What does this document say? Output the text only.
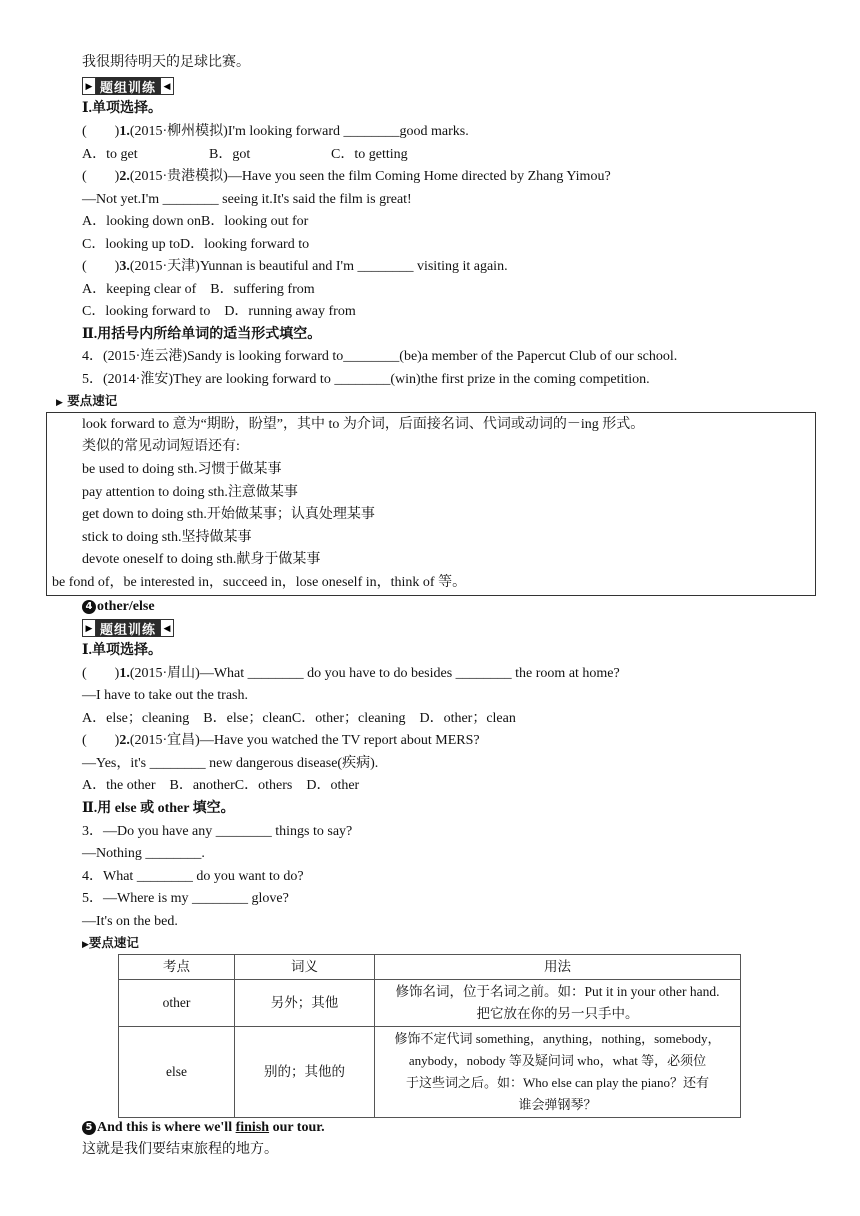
我很期待明天的足球比赛。
▶ 题组训练 ◀
Ⅰ.单项选择。
(　　)1.(2015·柳州模拟)I'm looking forward ________good marks.
A．to get	B．got	C．to getting
(　　)2.(2015·贵港模拟)—Have you seen the film Coming Home directed by Zhang Yimou?
—Not yet.I'm ________ seeing it.It's said the film is great!
A．looking down onB．looking out for
C．looking up toD．looking forward to
(　　)3.(2015·天津)Yunnan is beautiful and I'm ________ visiting it again.
A．keeping clear of　B．suffering from
C．looking forward to　D．running away from
Ⅱ.用括号内所给单词的适当形式填空。
4．(2015·连云港)Sandy is looking forward to________(be)a member of the Papercut Club of our school.
5．(2014·淮安)They are looking forward to ________(win)the first prize in the coming competition.
▶ 要点速记
look forward to 意为“期盼，盼望”，其中 to 为介词，后面接名词、代词或动词的－ing 形式。
类似的常见动词短语还有:
be used to doing sth.习惯于做某事
pay attention to doing sth.注意做某事
get down to doing sth.开始做某事；认真处理某事
stick to doing sth.坚持做某事
devote oneself to doing sth.献身于做某事
be fond of，be interested in，succeed in，lose oneself in，think of 等。
4 other/else
▶ 题组训练 ◀
Ⅰ.单项选择。
(　　)1.(2015·眉山)—What ________ do you have to do besides ________ the room at home?
—I have to take out the trash.
A．else；cleaning　B．else；cleanC．other；cleaning　D．other；clean
(　　)2.(2015·宜昌)—Have you watched the TV report about MERS?
—Yes，it's ________ new dangerous disease(疾病).
A．the other　B．anotherC．others　D．other
Ⅱ.用 else 或 other 填空。
3．—Do you have any ________ things to say?
—Nothing ________.
4．What ________ do you want to do?
5．—Where is my ________ glove?
—It's on the bed.
▶要点速记
考点	词义	用法
other	另外；其他	修饰名词，位于名词之前。如：Put it in your other hand.
把它放在你的另一只手中。

else	别的；其他的	修饰不定代词 something，anything，nothing，somebody，
anybody，nobody 等及疑问词 who，what 等，必须位
于这些词之后。如：Who else can play the piano？还有
谁会弹钢琴？
5 And this is where we'll finish our tour.
这就是我们要结束旅程的地方。
